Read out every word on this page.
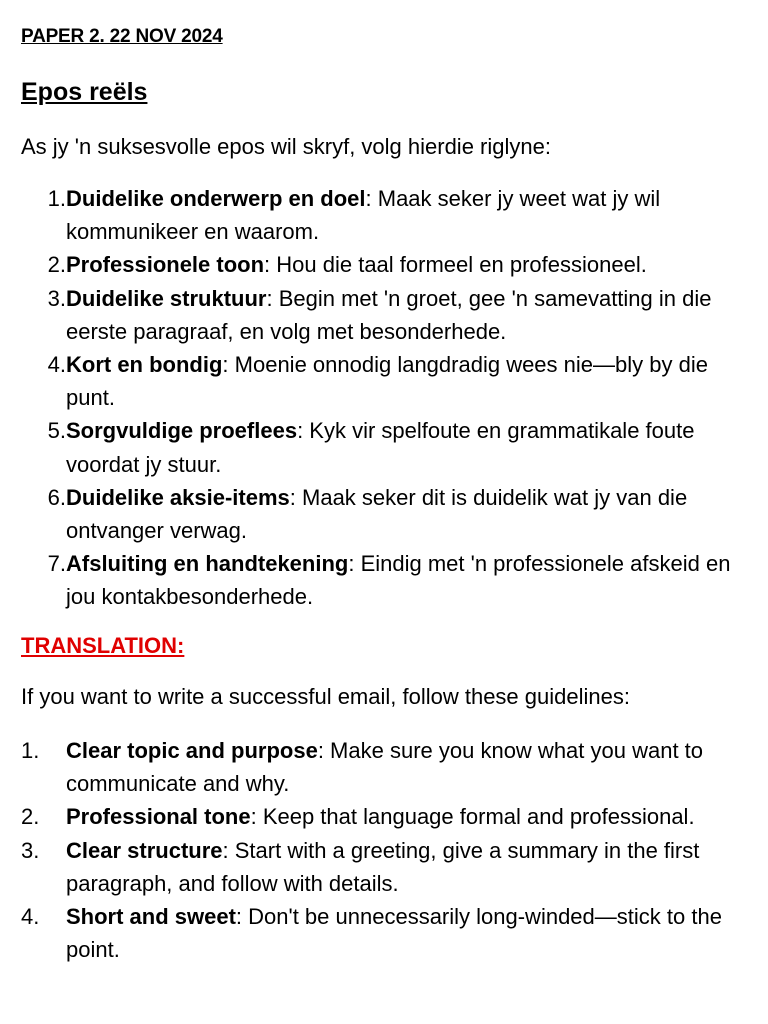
PAPER 2. 22 NOV 2024
Epos reëls
As jy 'n suksesvolle epos wil skryf, volg hierdie riglyne:
1. Duidelike onderwerp en doel: Maak seker jy weet wat jy wil kommunikeer en waarom.
2. Professionele toon: Hou die taal formeel en professioneel.
3. Duidelike struktuur: Begin met 'n groet, gee 'n samevatting in die eerste paragraaf, en volg met besonderhede.
4. Kort en bondig: Moenie onnodig langdradig wees nie—bly by die punt.
5. Sorgvuldige proeflees: Kyk vir spelfoute en grammatikale foute voordat jy stuur.
6. Duidelike aksie-items: Maak seker dit is duidelik wat jy van die ontvanger verwag.
7. Afsluiting en handtekening: Eindig met 'n professionele afskeid en jou kontakbesonderhede.
TRANSLATION:
If you want to write a successful email, follow these guidelines:
1.	Clear topic and purpose: Make sure you know what you want to communicate and why.
2.	Professional tone: Keep that language formal and professional.
3.	Clear structure: Start with a greeting, give a summary in the first paragraph, and follow with details.
4.	Short and sweet: Don't be unnecessarily long-winded—stick to the point.
